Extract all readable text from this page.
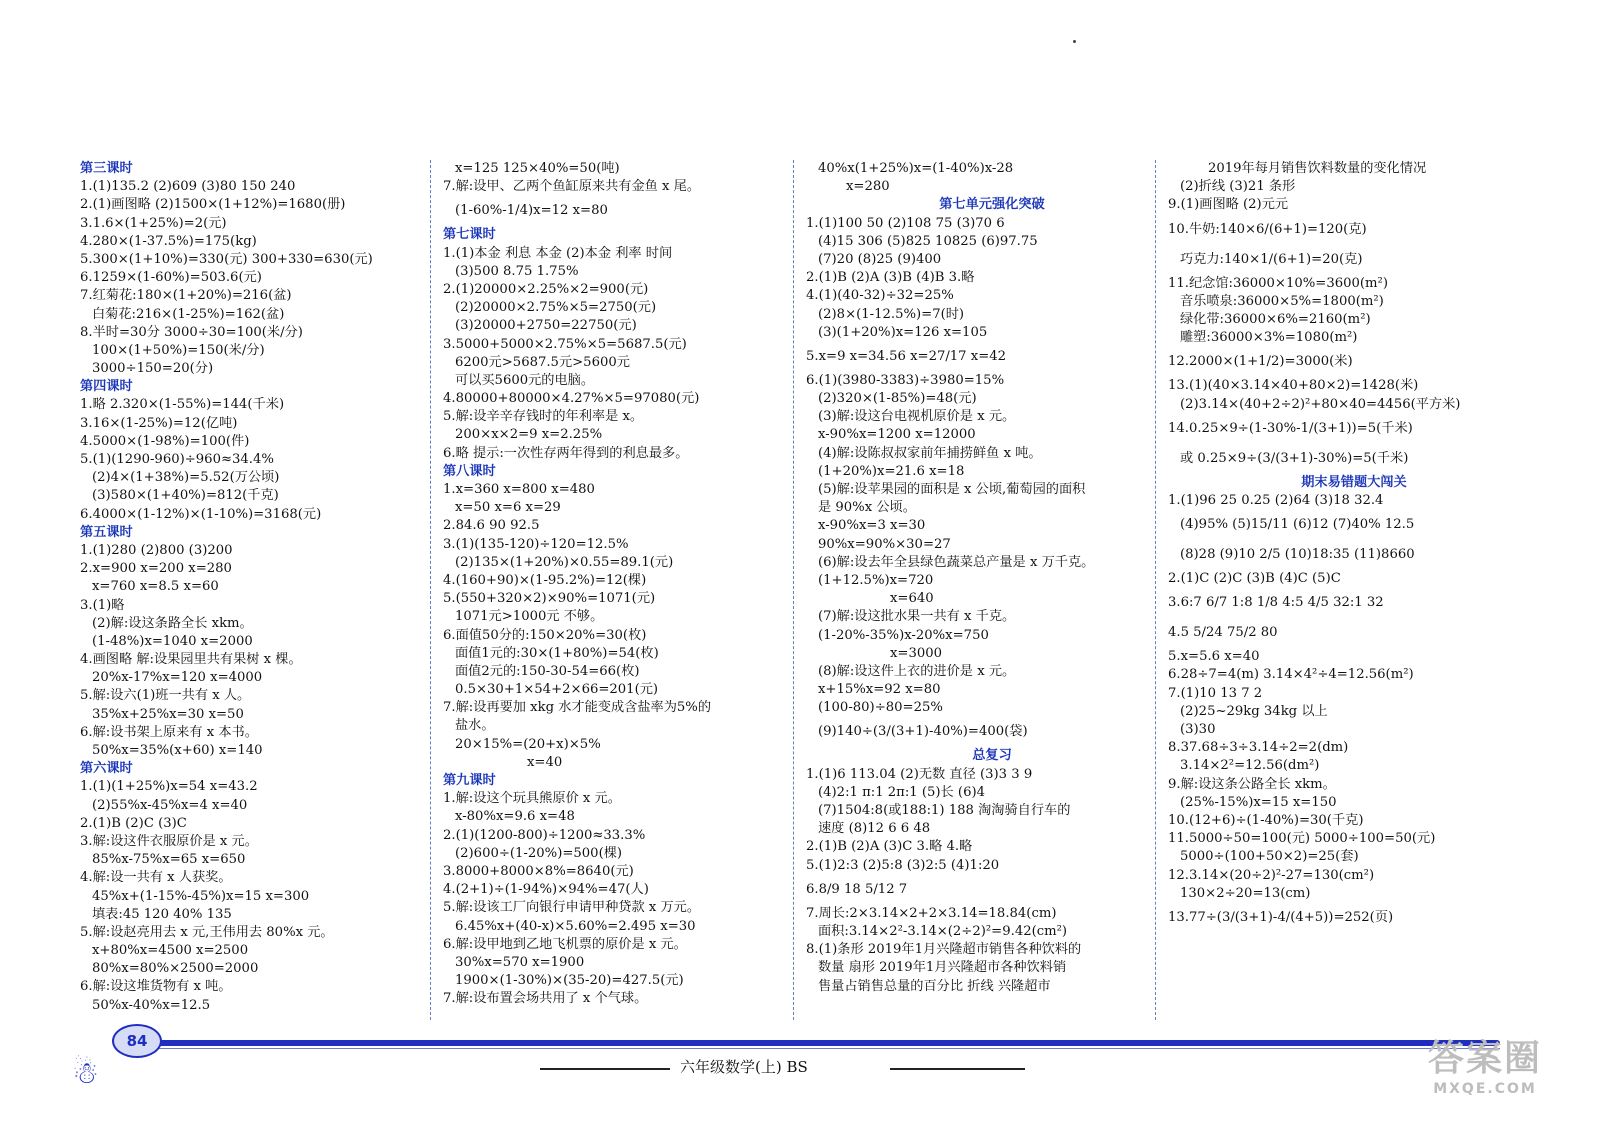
第三课时
1.(1)135.2 (2)609 (3)80 150 240
2.(1)画图略 (2)1500×(1+12%)=1680(册)
3.1.6×(1+25%)=2(元)
4.280×(1-37.5%)=175(kg)
5.300×(1+10%)=330(元) 300+330=630(元)
6.1259×(1-60%)=503.6(元)
7.红菊花:180×(1+20%)=216(盆)
白菊花:216×(1-25%)=162(盆)
8.半时=30分 3000÷30=100(米/分)
100×(1+50%)=150(米/分)
3000÷150=20(分)
第四课时
1.略 2.320×(1-55%)=144(千米)
3.16×(1-25%)=12(亿吨)
4.5000×(1-98%)=100(件)
5.(1)(1290-960)÷960≈34.4%
(2)4×(1+38%)=5.52(万公顷)
(3)580×(1+40%)=812(千克)
6.4000×(1-12%)×(1-10%)=3168(元)
第五课时
1.(1)280 (2)800 (3)200
2.x=900 x=200 x=280
x=760 x=8.5 x=60
3.(1)略
(2)解:设这条路全长 xkm。
(1-48%)x=1040 x=2000
4.画图略 解:设果园里共有果树 x 棵。
20%x-17%x=120 x=4000
5.解:设六(1)班一共有 x 人。
35%x+25%x=30 x=50
6.解:设书架上原来有 x 本书。
50%x=35%(x+60) x=140
第六课时
1.(1)(1+25%)x=54 x=43.2
(2)55%x-45%x=4 x=40
2.(1)B (2)C (3)C
3.解:设这件衣服原价是 x 元。
85%x-75%x=65 x=650
4.解:设一共有 x 人获奖。
45%x+(1-15%-45%)x=15 x=300
填表:45 120 40% 135
5.解:设赵亮用去 x 元,王伟用去 80%x 元。
x+80%x=4500 x=2500
80%x=80%×2500=2000
6.解:设这堆货物有 x 吨。
50%x-40%x=12.5
x=125 125×40%=50(吨)
7.解:设甲、乙两个鱼缸原来共有金鱼 x 尾。
(1-60%-1/4)x=12 x=80
第七课时
1.(1)本金 利息 本金 (2)本金 利率 时间
(3)500 8.75 1.75%
2.(1)20000×2.25%×2=900(元)
(2)20000×2.75%×5=2750(元)
(3)20000+2750=22750(元)
3.5000+5000×2.75%×5=5687.5(元)
6200元>5687.5元>5600元
可以买5600元的电脑。
4.80000+80000×4.27%×5=97080(元)
5.解:设辛辛存钱时的年利率是 x。
200×x×2=9 x=2.25%
6.略 提示:一次性存两年得到的利息最多。
第八课时
1.x=360 x=800 x=480
x=50 x=6 x=29
2.84.6 90 92.5
3.(1)(135-120)÷120=12.5%
(2)135×(1+20%)×0.55=89.1(元)
4.(160+90)×(1-95.2%)=12(棵)
5.(550+320×2)×90%=1071(元)
1071元>1000元 不够。
6.面值50分的:150×20%=30(枚)
面值1元的:30×(1+80%)=54(枚)
面值2元的:150-30-54=66(枚)
0.5×30+1×54+2×66=201(元)
7.解:设再要加 xkg 水才能变成含盐率为5%的
盐水。
20×15%=(20+x)×5%
x=40
第九课时
1.解:设这个玩具熊原价 x 元。
x-80%x=9.6 x=48
2.(1)(1200-800)÷1200≈33.3%
(2)600÷(1-20%)=500(棵)
3.8000+8000×8%=8640(元)
4.(2+1)÷(1-94%)×94%=47(人)
5.解:设该工厂向银行申请甲种贷款 x 万元。
6.45%x+(40-x)×5.60%=2.495 x=30
6.解:设甲地到乙地飞机票的原价是 x 元。
30%x=570 x=1900
1900×(1-30%)×(35-20)=427.5(元)
7.解:设布置会场共用了 x 个气球。
40%x(1+25%)x=(1-40%)x-28
x=280
第七单元强化突破
1.(1)100 50 (2)108 75 (3)70 6
(4)15 306 (5)825 10825 (6)97.75
(7)20 (8)25 (9)400
2.(1)B (2)A (3)B (4)B 3.略
4.(1)(40-32)÷32=25%
(2)8×(1-12.5%)=7(时)
(3)(1+20%)x=126 x=105
5.x=9 x=34.56 x=27/17 x=42
6.(1)(3980-3383)÷3980=15%
(2)320×(1-85%)=48(元)
(3)解:设这台电视机原价是 x 元。
x-90%x=1200 x=12000
(4)解:设陈叔叔家前年捕捞鲜鱼 x 吨。
(1+20%)x=21.6 x=18
(5)解:设苹果园的面积是 x 公顷,葡萄园的面积
是 90%x 公顷。
x-90%x=3 x=30
90%x=90%×30=27
(6)解:设去年全县绿色蔬菜总产量是 x 万千克。
(1+12.5%)x=720
x=640
(7)解:设这批水果一共有 x 千克。
(1-20%-35%)x-20%x=750
x=3000
(8)解:设这件上衣的进价是 x 元。
x+15%x=92 x=80
(100-80)÷80=25%
(9)140÷(3/(3+1)-40%)=400(袋)
总复习
1.(1)6 113.04 (2)无数 直径 (3)3 3 9
(4)2:1 π:1 2π:1 (5)长 (6)4
(7)1504:8(或188:1) 188 淘淘骑自行车的
速度 (8)12 6 6 48
2.(1)B (2)A (3)C 3.略 4.略
5.(1)2:3 (2)5:8 (3)2:5 (4)1:20
6.8/9 18 5/12 7
7.周长:2×3.14×2+2×3.14=18.84(cm)
面积:3.14×2²-3.14×(2÷2)²=9.42(cm²)
8.(1)条形 2019年1月兴隆超市销售各种饮料的
数量 扇形 2019年1月兴隆超市各种饮料销
售量占销售总量的百分比 折线 兴隆超市
2019年每月销售饮料数量的变化情况
(2)折线 (3)21 条形
9.(1)画图略 (2)元元
10.牛奶:140×6/(6+1)=120(克)
巧克力:140×1/(6+1)=20(克)
11.纪念馆:36000×10%=3600(m²)
音乐喷泉:36000×5%=1800(m²)
绿化带:36000×6%=2160(m²)
雕塑:36000×3%=1080(m²)
12.2000×(1+1/2)=3000(米)
13.(1)(40×3.14×40+80×2)=1428(米)
(2)3.14×(40+2÷2)²+80×40=4456(平方米)
14.0.25×9÷(1-30%-1/(3+1))=5(千米)
或 0.25×9÷(3/(3+1)-30%)=5(千米)
期末易错题大闯关
1.(1)96 25 0.25 (2)64 (3)18 32.4
(4)95% (5)15/11 (6)12 (7)40% 12.5
(8)28 (9)10 2/5 (10)18:35 (11)8660
2.(1)C (2)C (3)B (4)C (5)C
3.6:7 6/7 1:8 1/8 4:5 4/5 32:1 32
4.5 5/24 75/2 80
5.x=5.6 x=40
6.28÷7=4(m) 3.14×4²÷4=12.56(m²)
7.(1)10 13 7 2
(2)25~29kg 34kg 以上
(3)30
8.37.68÷3÷3.14÷2=2(dm)
3.14×2²=12.56(dm²)
9.解:设这条公路全长 xkm。
(25%-15%)x=15 x=150
10.(12+6)÷(1-40%)=30(千克)
11.5000÷50=100(元) 5000÷100=50(元)
5000÷(100+50×2)=25(套)
12.3.14×(20÷2)²-27=130(cm²)
130×2÷20=13(cm)
13.77÷(3/(3+1)-4/(4+5))=252(页)
84
☃	六年级数学(上) BS	答案圈
MXQE.COM
